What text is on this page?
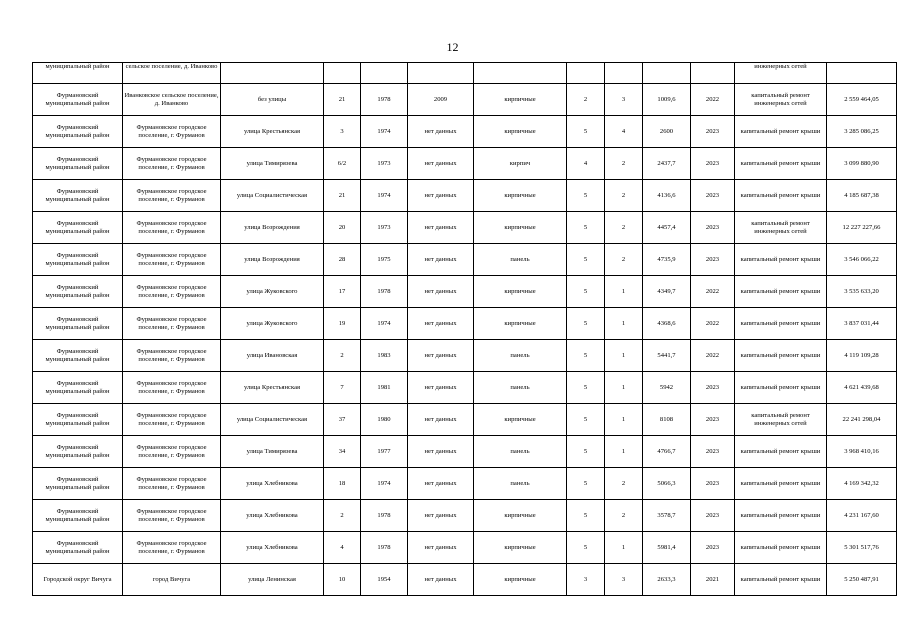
12
муниципальный район	сельское поселение, д. Иванково										инженерных сетей	
Фурмановский муниципальный район	Иванковское сельское поселение, д. Иванково	без улицы	21	1978	2009	кирпичные	2	3	1009,6	2022	капитальный ремонт инженерных сетей	2 559 464,05
Фурмановский муниципальный район	Фурмановское городское поселение, г. Фурманов	улица Крестьянская	3	1974	нет данных	кирпичные	5	4	2600	2023	капитальный ремонт крыши	3 285 086,25
Фурмановский муниципальный район	Фурмановское городское поселение, г. Фурманов	улица Тимирязева	6/2	1973	нет данных	кирпич	4	2	2437,7	2023	капитальный ремонт крыши	3 099 880,90
Фурмановский муниципальный район	Фурмановское городское поселение, г. Фурманов	улица Социалистическая	21	1974	нет данных	кирпичные	5	2	4136,6	2023	капитальный ремонт крыши	4 185 687,38
Фурмановский муниципальный район	Фурмановское городское поселение, г. Фурманов	улица Возрождения	20	1973	нет данных	кирпичные	5	2	4457,4	2023	капитальный ремонт инженерных сетей	12 227 227,66
Фурмановский муниципальный район	Фурмановское городское поселение, г. Фурманов	улица Возрождения	28	1975	нет данных	панель	5	2	4735,9	2023	капитальный ремонт крыши	3 546 066,22
Фурмановский муниципальный район	Фурмановское городское поселение, г. Фурманов	улица Жуковского	17	1978	нет данных	кирпичные	5	1	4349,7	2022	капитальный ремонт крыши	3 535 633,20
Фурмановский муниципальный район	Фурмановское городское поселение, г. Фурманов	улица Жуковского	19	1974	нет данных	кирпичные	5	1	4368,6	2022	капитальный ремонт крыши	3 837 031,44
Фурмановский муниципальный район	Фурмановское городское поселение, г. Фурманов	улица Ивановская	2	1983	нет данных	панель	5	1	5441,7	2022	капитальный ремонт крыши	4 119 109,28
Фурмановский муниципальный район	Фурмановское городское поселение, г. Фурманов	улица Крестьянская	7	1981	нет данных	панель	5	1	5942	2023	капитальный ремонт крыши	4 621 439,68
Фурмановский муниципальный район	Фурмановское городское поселение, г. Фурманов	улица Социалистическая	37	1980	нет данных	кирпичные	5	1	8108	2023	капитальный ремонт инженерных сетей	22 241 298,04
Фурмановский муниципальный район	Фурмановское городское поселение, г. Фурманов	улица Тимирязева	34	1977	нет данных	панель	5	1	4766,7	2023	капитальный ремонт крыши	3 968 410,16
Фурмановский муниципальный район	Фурмановское городское поселение, г. Фурманов	улица Хлебникова	18	1974	нет данных	панель	5	2	5066,3	2023	капитальный ремонт крыши	4 169 342,32
Фурмановский муниципальный район	Фурмановское городское поселение, г. Фурманов	улица Хлебникова	2	1978	нет данных	кирпичные	5	2	3578,7	2023	капитальный ремонт крыши	4 231 167,60
Фурмановский муниципальный район	Фурмановское городское поселение, г. Фурманов	улица Хлебникова	4	1978	нет данных	кирпичные	5	1	5981,4	2023	капитальный ремонт крыши	5 301 517,76
Городской округ Вичуга	город Вичуга	улица Ленинская	10	1954	нет данных	кирпичные	3	3	2633,3	2021	капитальный ремонт крыши	5 250 487,91
